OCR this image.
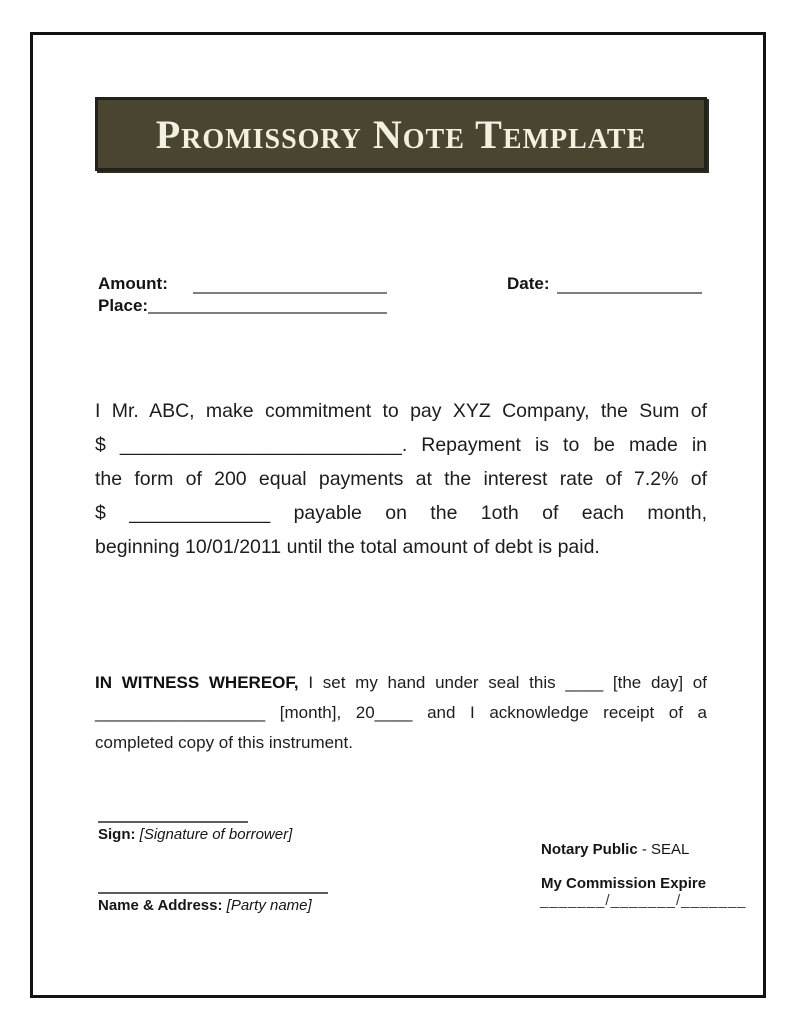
Promissory Note Template
Amount:	Date:
Place:
I Mr. ABC, make commitment to pay XYZ Company, the Sum of
$ __________________________. Repayment is to be made in
the form of 200 equal payments at the interest rate of 7.2% of
$ _____________ payable on the 1oth of each month,
beginning 10/01/2011 until the total amount of debt is paid.
IN WITNESS WHEREOF, I set my hand under seal this ____ [the day] of
__________________ [month], 20____ and I acknowledge receipt of a
completed copy of this instrument.
Sign: [Signature of borrower]
Name & Address: [Party name]
Notary Public - SEAL
My Commission Expire
_______/_______/_______
